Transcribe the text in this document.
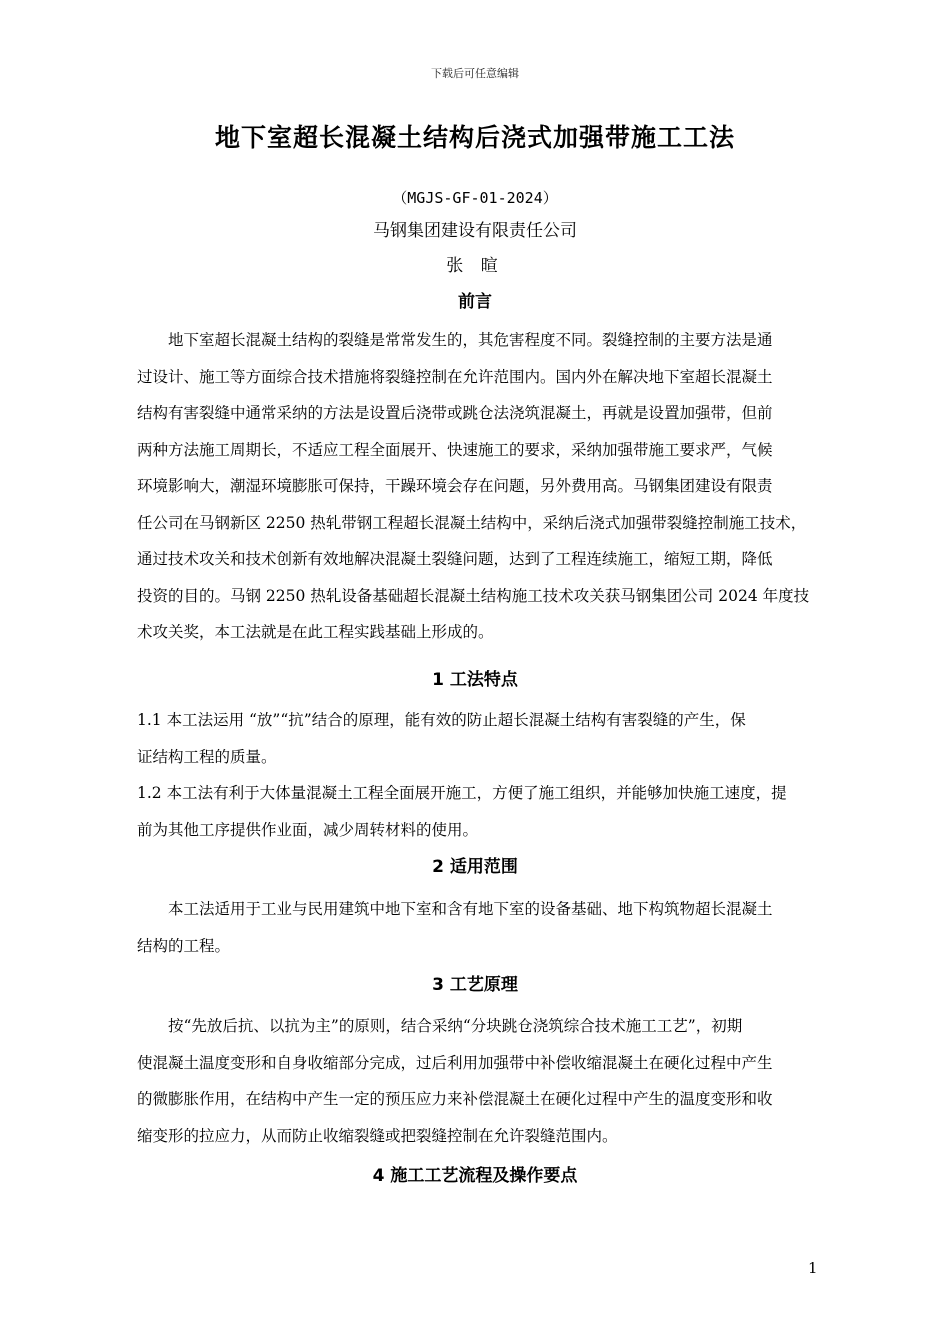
下载后可任意编辑
地下室超长混凝土结构后浇式加强带施工工法
（MGJS-GF-01-2024）
马钢集团建设有限责任公司
张 暄
前言
　　地下室超长混凝土结构的裂缝是常常发生的，其危害程度不同。裂缝控制的主要方法是通
过设计、施工等方面综合技术措施将裂缝控制在允许范围内。国内外在解决地下室超长混凝土
结构有害裂缝中通常采纳的方法是设置后浇带或跳仓法浇筑混凝土，再就是设置加强带，但前
两种方法施工周期长，不适应工程全面展开、快速施工的要求，采纳加强带施工要求严，气候
环境影响大，潮湿环境膨胀可保持，干躁环境会存在问题，另外费用高。马钢集团建设有限责
任公司在马钢新区 2250 热轧带钢工程超长混凝土结构中，采纳后浇式加强带裂缝控制施工技术，
通过技术攻关和技术创新有效地解决混凝土裂缝问题，达到了工程连续施工，缩短工期，降低
投资的目的。马钢 2250 热轧设备基础超长混凝土结构施工技术攻关获马钢集团公司 2024 年度技
术攻关奖，本工法就是在此工程实践基础上形成的。
1 工法特点
1.1 本工法运用 “放”“抗”结合的原理，能有效的防止超长混凝土结构有害裂缝的产生，保
证结构工程的质量。
1.2 本工法有利于大体量混凝土工程全面展开施工，方便了施工组织，并能够加快施工速度，提
前为其他工序提供作业面，减少周转材料的使用。
2 适用范围
　　本工法适用于工业与民用建筑中地下室和含有地下室的设备基础、地下构筑物超长混凝土
结构的工程。
3 工艺原理
　　按“先放后抗、以抗为主”的原则，结合采纳“分块跳仓浇筑综合技术施工工艺”，初期
使混凝土温度变形和自身收缩部分完成，过后利用加强带中补偿收缩混凝土在硬化过程中产生
的微膨胀作用，在结构中产生一定的预压应力来补偿混凝土在硬化过程中产生的温度变形和收
缩变形的拉应力，从而防止收缩裂缝或把裂缝控制在允许裂缝范围内。
4 施工工艺流程及操作要点
1
